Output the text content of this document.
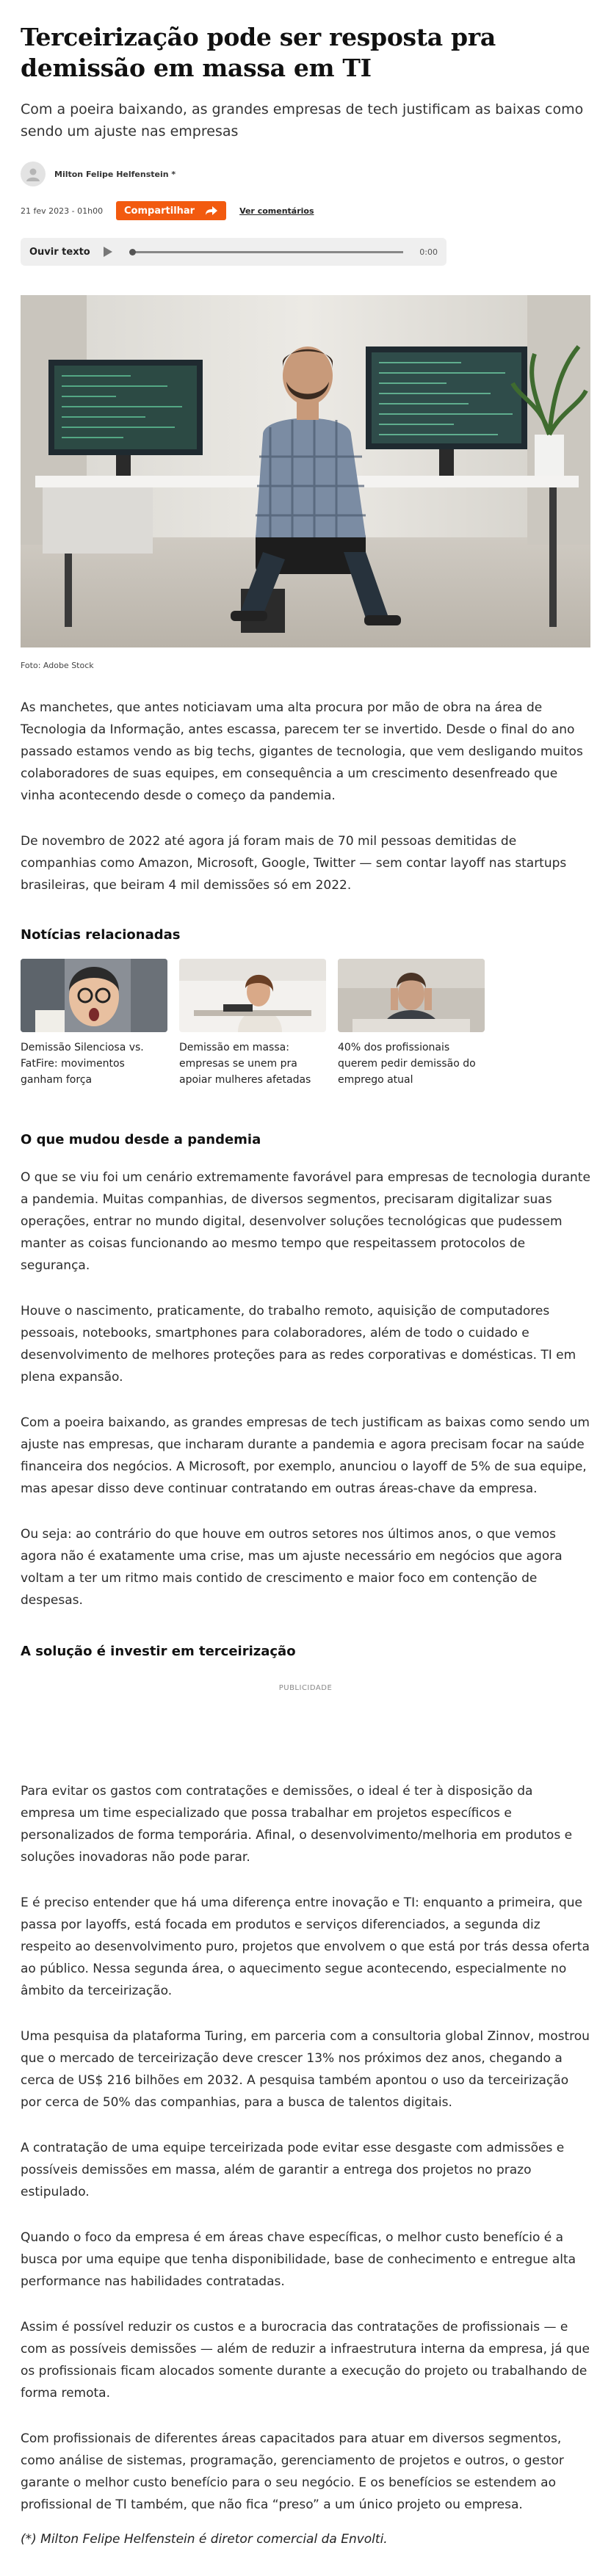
Terceirização pode ser resposta pra demissão em massa em TI

Com a poeira baixando, as grandes empresas de tech justificam as baixas como sendo um ajuste nas empresas

Milton Felipe Helfenstein *
21 fev 2023 - 01h00 Compartilhar	Ver comentários
Ouvir texto	0:00

Foto: Adobe Stock

As manchetes, que antes noticiavam uma alta procura por mão de obra na área de Tecnologia da Informação, antes escassa, parecem ter se invertido. Desde o final do ano passado estamos vendo as big techs, gigantes de tecnologia, que vem desligando muitos colaboradores de suas equipes, em consequência a um crescimento desenfreado que vinha acontecendo desde o começo da pandemia.

De novembro de 2022 até agora já foram mais de 70 mil pessoas demitidas de companhias como Amazon, Microsoft, Google, Twitter — sem contar layoff nas startups brasileiras, que beiram 4 mil demissões só em 2022.

Notícias relacionadas

Demissão Silenciosa vs. FatFire: movimentos ganham força

Demissão em massa: empresas se unem pra apoiar mulheres afetadas

40% dos profissionais querem pedir demissão do emprego atual

O que mudou desde a pandemia

O que se viu foi um cenário extremamente favorável para empresas de tecnologia durante a pandemia. Muitas companhias, de diversos segmentos, precisaram digitalizar suas operações, entrar no mundo digital, desenvolver soluções tecnológicas que pudessem manter as coisas funcionando ao mesmo tempo que respeitassem protocolos de segurança.

Houve o nascimento, praticamente, do trabalho remoto, aquisição de computadores pessoais, notebooks, smartphones para colaboradores, além de todo o cuidado e desenvolvimento de melhores proteções para as redes corporativas e domésticas. TI em plena expansão.

Com a poeira baixando, as grandes empresas de tech justificam as baixas como sendo um ajuste nas empresas, que incharam durante a pandemia e agora precisam focar na saúde financeira dos negócios. A Microsoft, por exemplo, anunciou o layoff de 5% de sua equipe, mas apesar disso deve continuar contratando em outras áreas-chave da empresa.

Ou seja: ao contrário do que houve em outros setores nos últimos anos, o que vemos agora não é exatamente uma crise, mas um ajuste necessário em negócios que agora voltam a ter um ritmo mais contido de crescimento e maior foco em contenção de despesas.

A solução é investir em terceirização

PUBLICIDADE

Para evitar os gastos com contratações e demissões, o ideal é ter à disposição da empresa um time especializado que possa trabalhar em projetos específicos e personalizados de forma temporária. Afinal, o desenvolvimento/melhoria em produtos e soluções inovadoras não pode parar.

E é preciso entender que há uma diferença entre inovação e TI: enquanto a primeira, que passa por layoffs, está focada em produtos e serviços diferenciados, a segunda diz respeito ao desenvolvimento puro, projetos que envolvem o que está por trás dessa oferta ao público. Nessa segunda área, o aquecimento segue acontecendo, especialmente no âmbito da terceirização.

Uma pesquisa da plataforma Turing, em parceria com a consultoria global Zinnov, mostrou que o mercado de terceirização deve crescer 13% nos próximos dez anos, chegando a cerca de US$ 216 bilhões em 2032. A pesquisa também apontou o uso da terceirização por cerca de 50% das companhias, para a busca de talentos digitais.

A contratação de uma equipe terceirizada pode evitar esse desgaste com admissões e possíveis demissões em massa, além de garantir a entrega dos projetos no prazo estipulado.

Quando o foco da empresa é em áreas chave específicas, o melhor custo benefício é a busca por uma equipe que tenha disponibilidade, base de conhecimento e entregue alta performance nas habilidades contratadas.

Assim é possível reduzir os custos e a burocracia das contratações de profissionais — e com as possíveis demissões — além de reduzir a infraestrutura interna da empresa, já que os profissionais ficam alocados somente durante a execução do projeto ou trabalhando de forma remota.

Com profissionais de diferentes áreas capacitados para atuar em diversos segmentos, como análise de sistemas, programação, gerenciamento de projetos e outros, o gestor garante o melhor custo benefício para o seu negócio. E os benefícios se estendem ao profissional de TI também, que não fica “preso” a um único projeto ou empresa.

(*) Milton Felipe Helfenstein é diretor comercial da Envolti.
